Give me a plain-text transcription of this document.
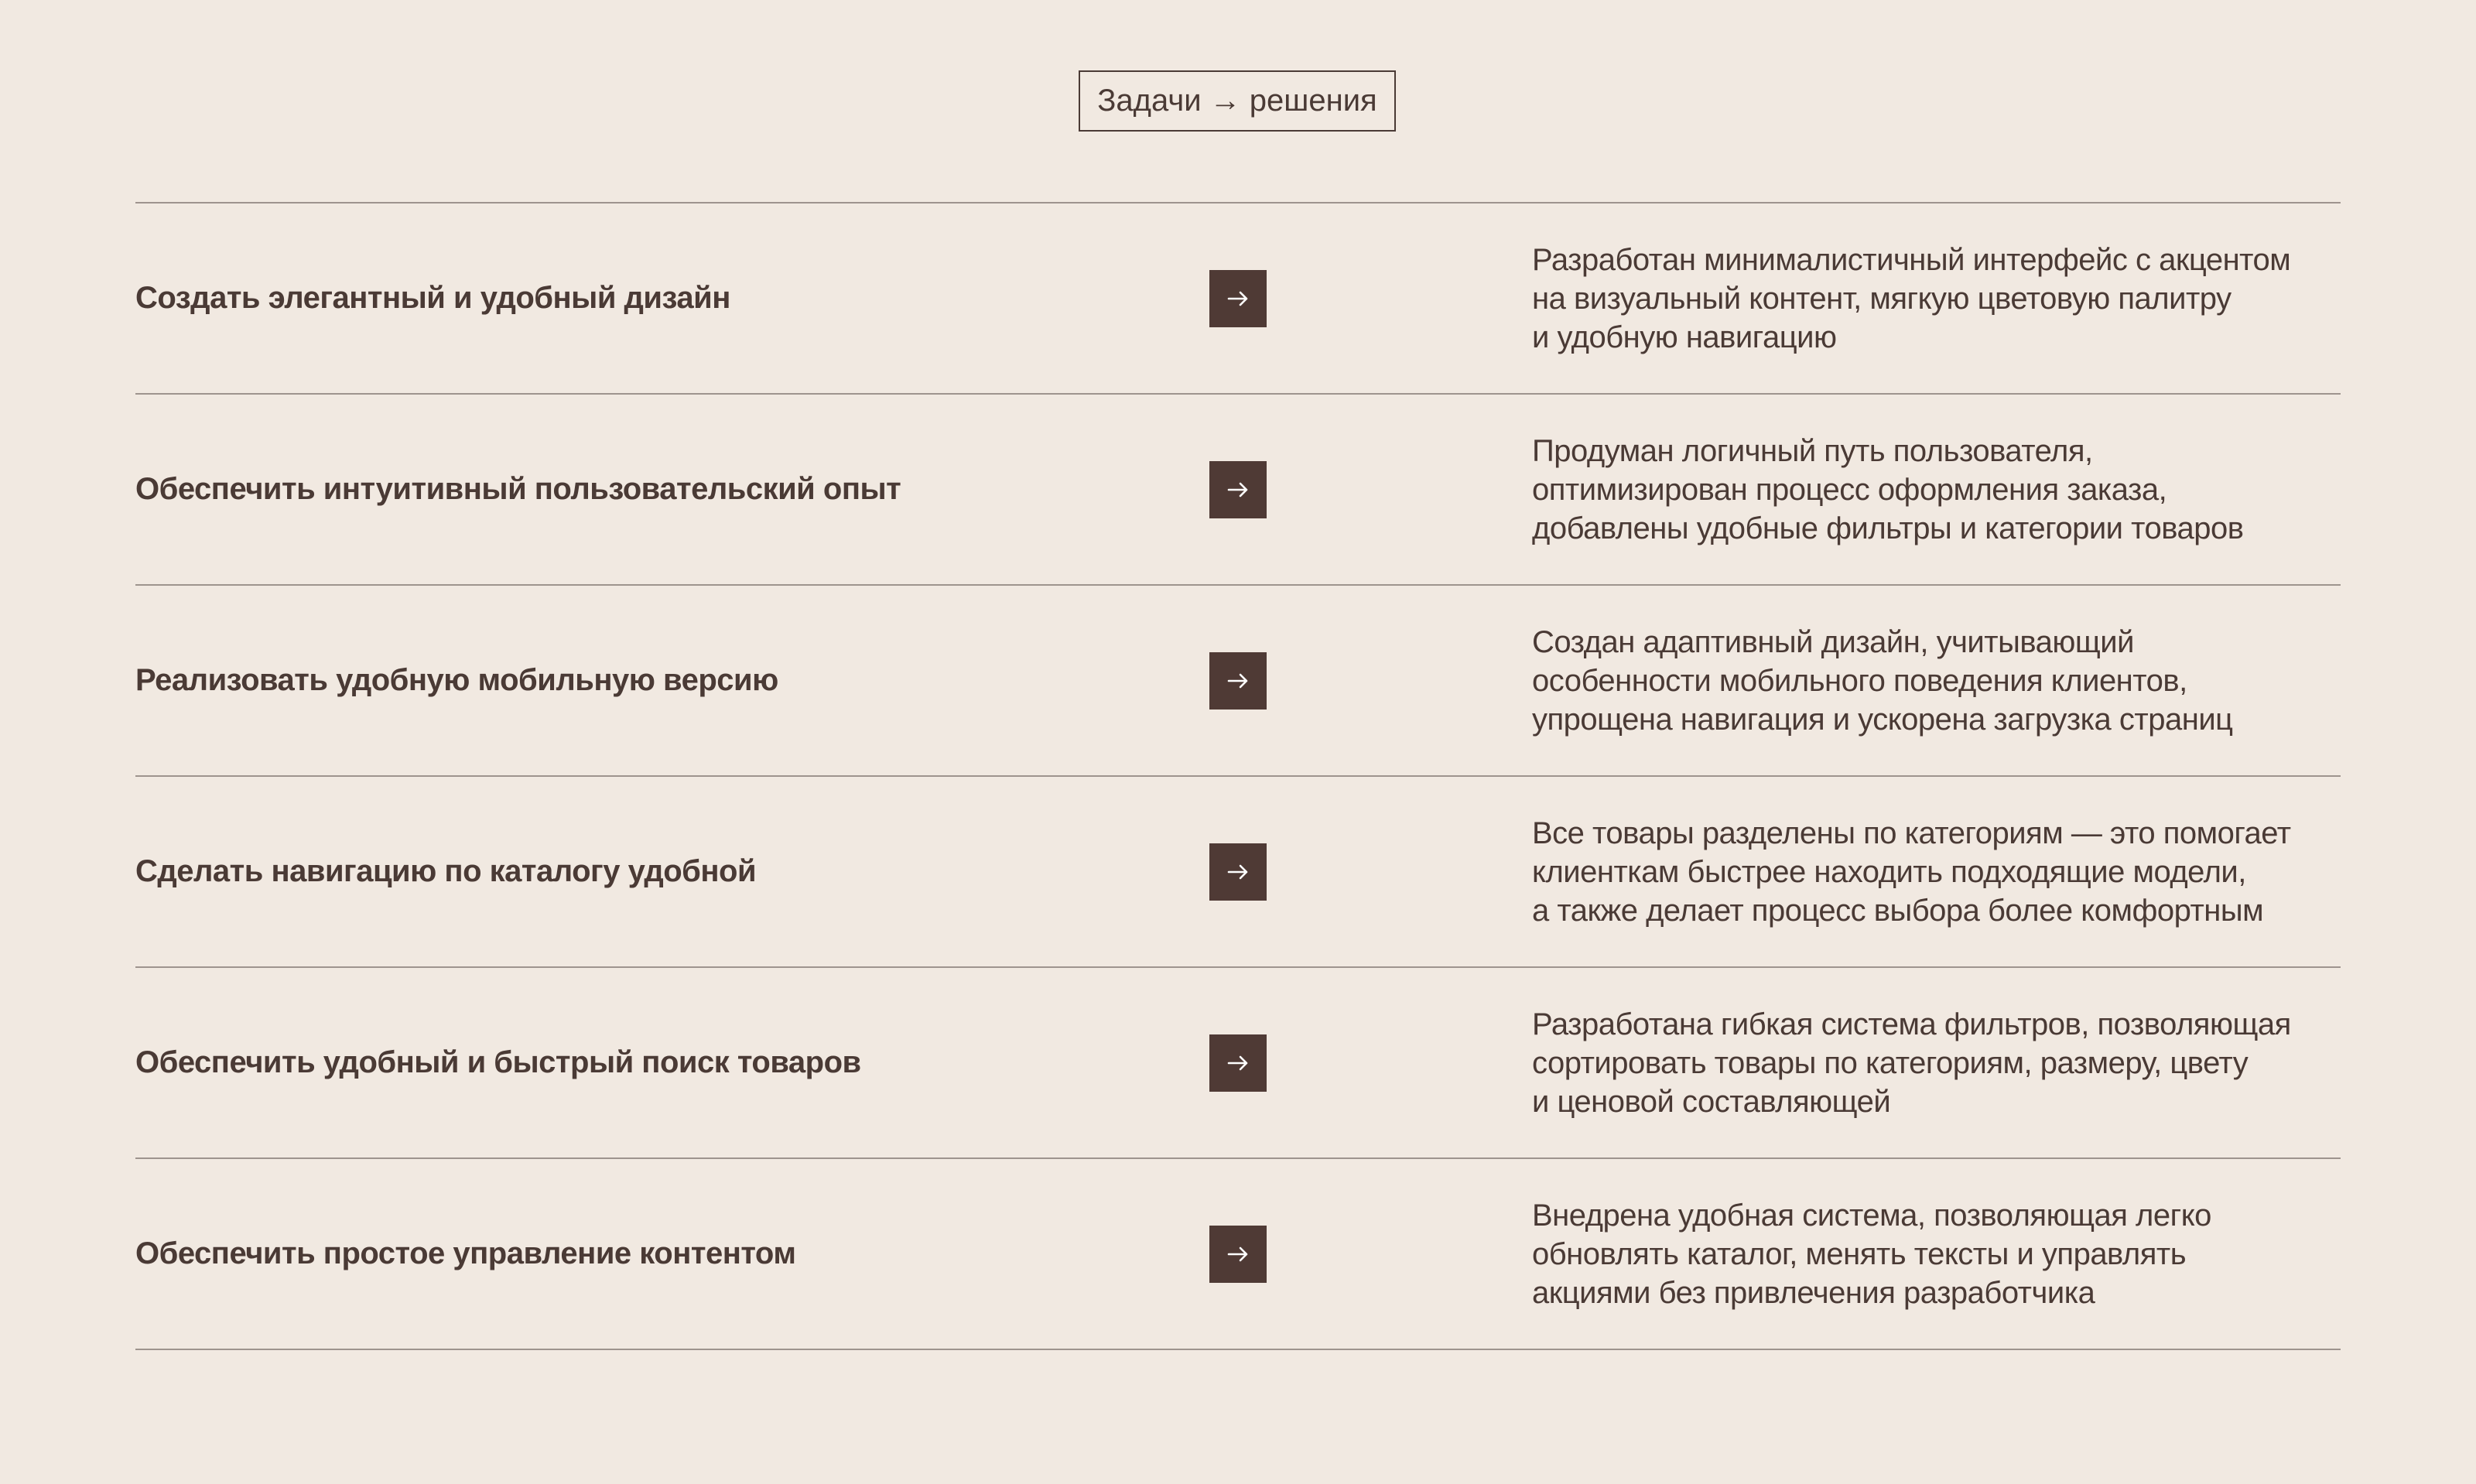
Задачи → решения
Создать элегантный и удобный дизайн
Разработан минималистичный интерфейс с акцентом
на визуальный контент, мягкую цветовую палитру
и удобную навигацию
Обеспечить интуитивный пользовательский опыт
Продуман логичный путь пользователя,
оптимизирован процесс оформления заказа,
добавлены удобные фильтры и категории товаров
Реализовать удобную мобильную версию
Создан адаптивный дизайн, учитывающий
особенности мобильного поведения клиентов,
упрощена навигация и ускорена загрузка страниц
Сделать навигацию по каталогу удобной
Все товары разделены по категориям — это помогает
клиенткам быстрее находить подходящие модели,
а также делает процесс выбора более комфортным
Обеспечить удобный и быстрый поиск товаров
Разработана гибкая система фильтров, позволяющая
сортировать товары по категориям, размеру, цвету
и ценовой составляющей
Обеспечить простое управление контентом
Внедрена удобная система, позволяющая легко
обновлять каталог, менять тексты и управлять
акциями без привлечения разработчика
